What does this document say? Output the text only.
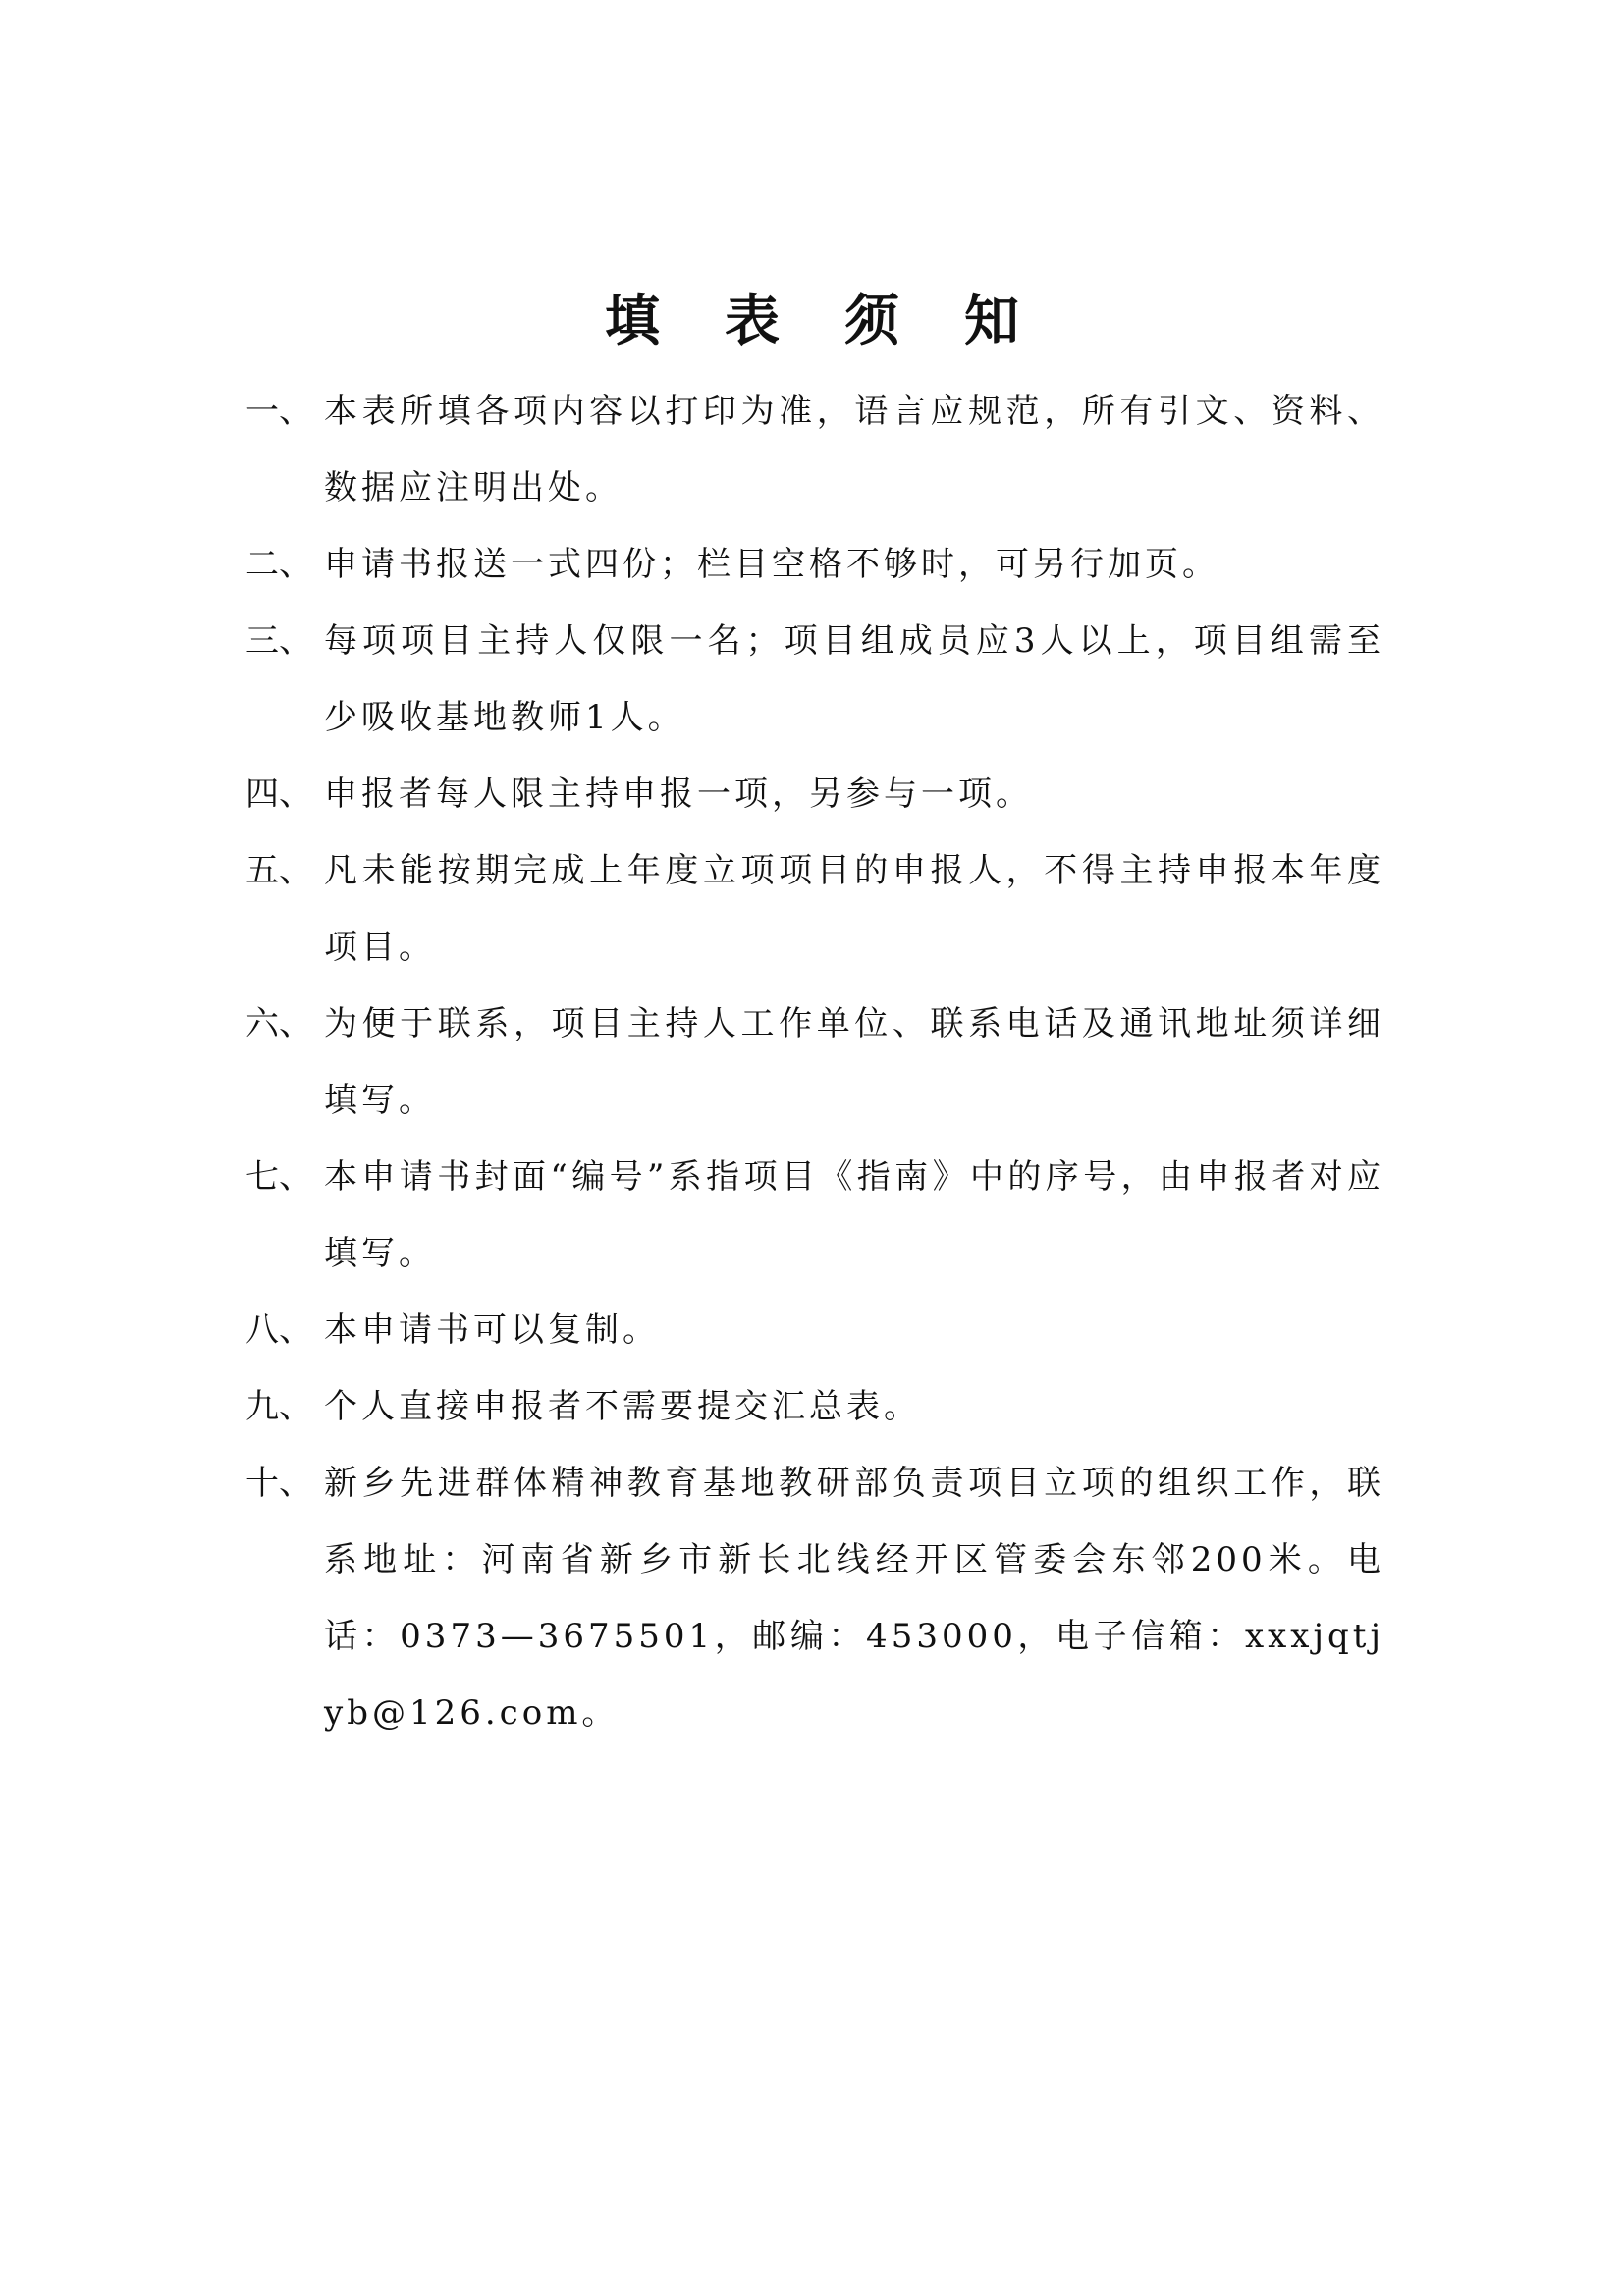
填表须知
一、 本表所填各项内容以打印为准，语言应规范，所有引文、资料、数据应注明出处。
二、 申请书报送一式四份；栏目空格不够时，可另行加页。
三、 每项项目主持人仅限一名；项目组成员应3人以上，项目组需至少吸收基地教师1人。
四、 申报者每人限主持申报一项，另参与一项。
五、 凡未能按期完成上年度立项项目的申报人，不得主持申报本年度项目。
六、 为便于联系，项目主持人工作单位、联系电话及通讯地址须详细填写。
七、 本申请书封面“编号”系指项目《指南》中的序号，由申报者对应填写。
八、 本申请书可以复制。
九、 个人直接申报者不需要提交汇总表。
十、 新乡先进群体精神教育基地教研部负责项目立项的组织工作，联系地址：河南省新乡市新长北线经开区管委会东邻200米。电话：0373—3675501，邮编：453000，电子信箱：xxxjqtjyb@126.com。
